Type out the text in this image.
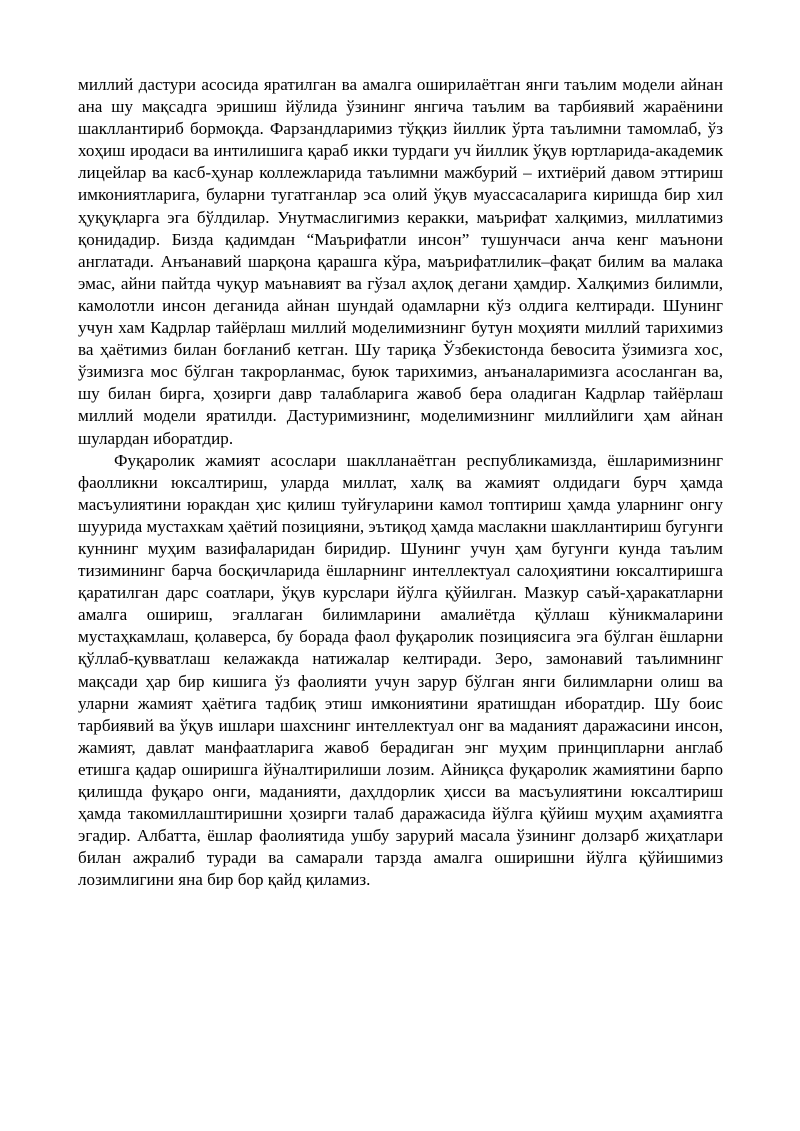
миллий дастури асосида яратилган ва амалга оширилаётган янги таълим модели айнан ана шу мақсадга эришиш йўлида ўзининг янгича таълим ва тарбиявий жараёнини шакллантириб бормоқда. Фарзандларимиз тўққиз йиллик ўрта таълимни тамомлаб, ўз хоҳиш иродаси ва интилишига қараб икки турдаги уч йиллик ўқув юртларида-академик лицейлар ва касб-ҳунар коллежларида таълимни мажбурий – ихтиёрий давом эттириш имкониятларига, буларни тугатганлар эса олий ўқув муассасаларига киришда бир хил ҳуқуқларга эга бўлдилар. Унутмаслигимиз керакки, маърифат халқимиз, миллатимиз қонидадир. Бизда қадимдан “Маърифатли инсон” тушунчаси анча кенг маънони англатади. Анъанавий шарқона қарашга кўра, маърифатлилик–фақат билим ва малака эмас, айни пайтда чуқур маънавият ва гўзал аҳлоқ дегани ҳамдир. Халқимиз билимли, камолотли инсон деганида айнан шундай одамларни кўз олдига келтиради. Шунинг учун хам Кадрлар тайёрлаш миллий моделимизнинг бутун моҳияти миллий тарихимиз ва ҳаётимиз билан боғланиб кетган. Шу тариқа Ўзбекистонда бевосита ўзимизга хос, ўзимизга мос бўлган такрорланмас, буюк тарихимиз, анъаналаримизга асосланган ва, шу билан бирга, ҳозирги давр талабларига жавоб бера оладиган Кадрлар тайёрлаш миллий модели яратилди. Дастуримизнинг, моделимизнинг миллийлиги ҳам айнан шулардан иборатдир.

Фуқаролик жамият асослари шаклланаётган республикамизда, ёшларимизнинг фаолликни юксалтириш, уларда миллат, халқ ва жамият олдидаги бурч ҳамда масъулиятини юракдан ҳис қилиш туйғуларини камол топтириш ҳамда уларнинг онгу шуурида мустахкам ҳаётий позицияни, эътиқод ҳамда маслакни шакллантириш бугунги куннинг муҳим вазифаларидан биридир. Шунинг учун ҳам бугунги кунда таълим тизимининг барча босқичларида ёшларнинг интеллектуал салоҳиятини юксалтиришга қаратилган дарс соатлари, ўқув курслари йўлга қўйилган. Мазкур саъй-ҳаракатларни амалга ошириш, эгаллаган билимларини амалиётда қўллаш кўникмаларини мустаҳкамлаш, қолаверса, бу борада фаол фуқаролик позициясига эга бўлган ёшларни қўллаб-қувватлаш келажакда натижалар келтиради. Зеро, замонавий таълимнинг мақсади ҳар бир кишига ўз фаолияти учун зарур бўлган янги билимларни олиш ва уларни жамият ҳаётига тадбиқ этиш имкониятини яратишдан иборатдир. Шу боис тарбиявий ва ўқув ишлари шахснинг интеллектуал онг ва маданият даражасини инсон, жамият, давлат манфаатларига жавоб берадиган энг муҳим принципларни англаб етишга қадар оширишга йўналтирилиши лозим. Айниқса фуқаролик жамиятини барпо қилишда фуқаро онги, маданияти, даҳлдорлик ҳисси ва масъулиятини юксалтириш ҳамда такомиллаштиришни ҳозирги талаб даражасида йўлга қўйиш муҳим аҳамиятга эгадир. Албатта, ёшлар фаолиятида ушбу зарурий масала ўзининг долзарб жиҳатлари билан ажралиб туради ва самарали тарзда амалга оширишни йўлга қўйишимиз лозимлигини яна бир бор қайд қиламиз.
